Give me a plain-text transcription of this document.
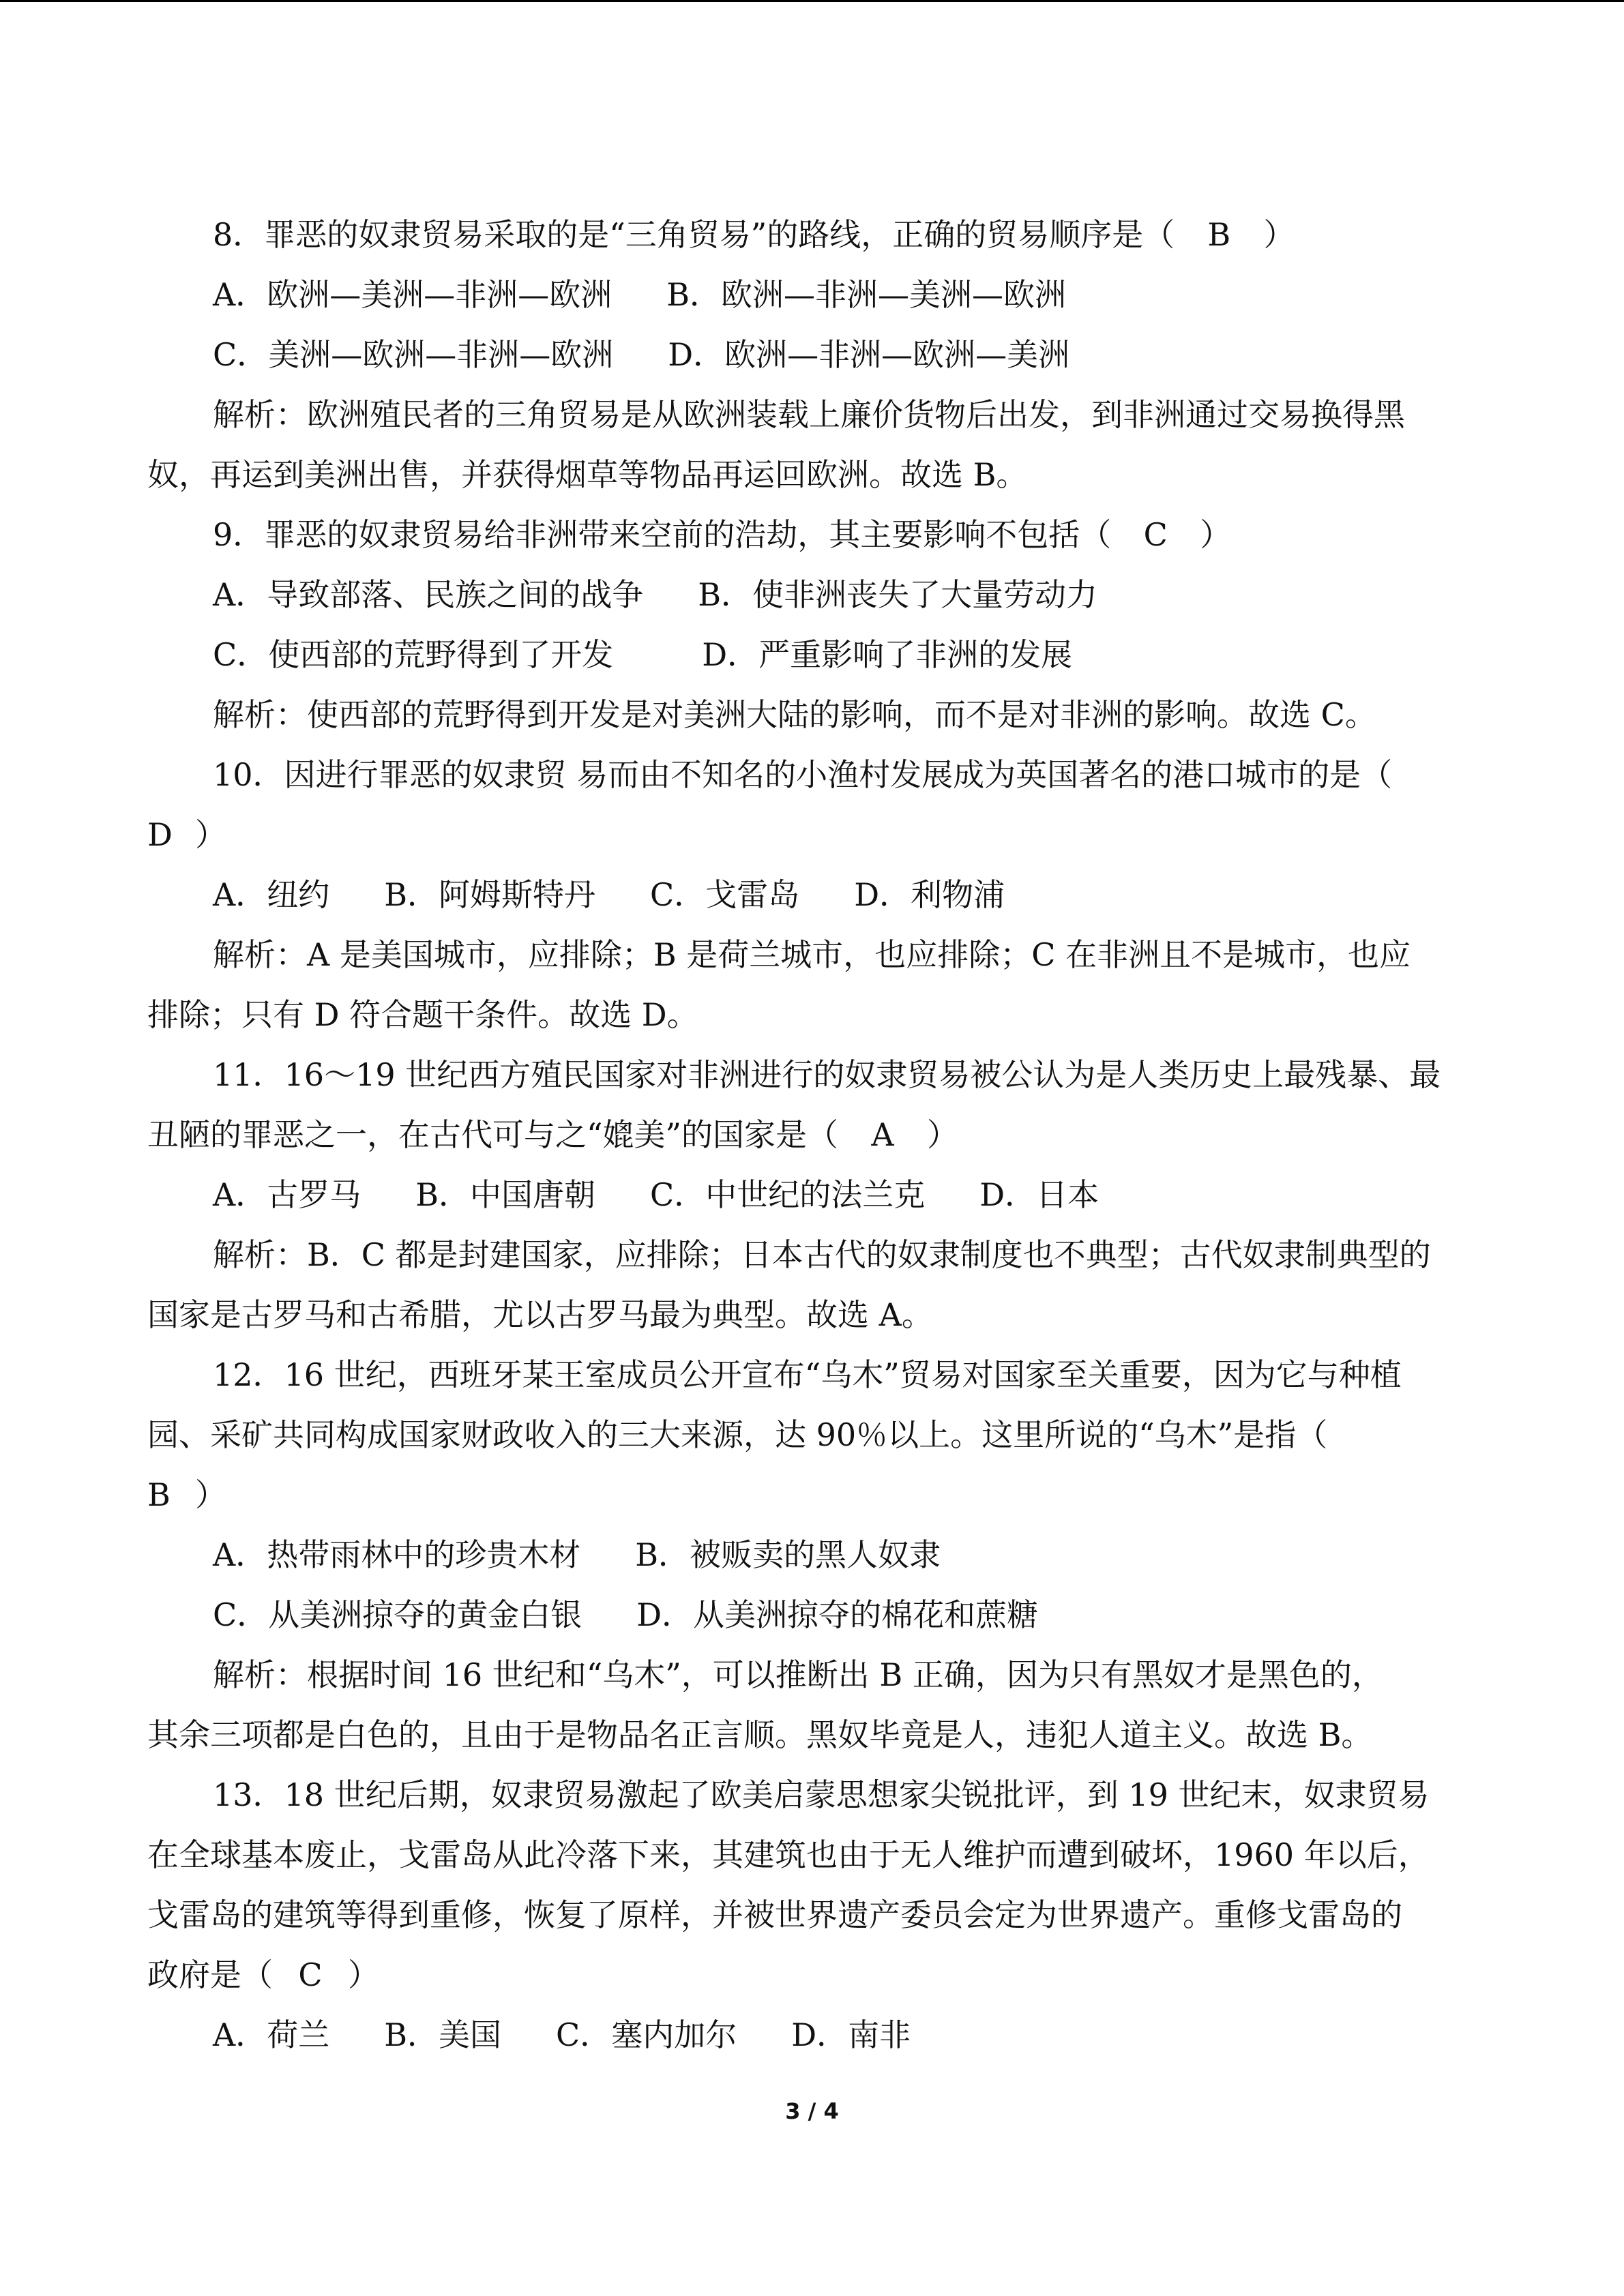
8．罪恶的奴隶贸易采取的是“三角贸易”的路线，正确的贸易顺序是（ B ）
A．欧洲—美洲—非洲—欧洲 B．欧洲—非洲—美洲—欧洲
C．美洲—欧洲—非洲—欧洲 D．欧洲—非洲—欧洲—美洲
解析：欧洲殖民者的三角贸易是从欧洲装载上廉价货物后出发，到非洲通过交易换得黑
奴，再运到美洲出售，并获得烟草等物品再运回欧洲。故选 B。
9．罪恶的奴隶贸易给非洲带来空前的浩劫，其主要影响不包括（ C ）
A．导致部落、民族之间的战争 B．使非洲丧失了大量劳动力
C．使西部的荒野得到了开发	D．严重影响了非洲的发展
解析：使西部的荒野得到开发是对美洲大陆的影响，而不是对非洲的影响。故选 C。
10．因进行罪恶的奴隶贸 易而由不知名的小渔村发展成为英国著名的港口城市的是（
D ）
A．纽约 B．阿姆斯特丹 C．戈雷岛 D．利物浦
解析：A 是美国城市，应排除；B 是荷兰城市，也应排除；C 在非洲且不是城市，也应
排除；只有 D 符合题干条件。故选 D。
11．16～19 世纪西方殖民国家对非洲进行的奴隶贸易被公认为是人类历史上最残暴、最
丑陋的罪恶之一，在古代可与之“媲美”的国家是（ A ）
A．古罗马 B．中国唐朝 C．中世纪的法兰克 D．日本
解析：B．C 都是封建国家，应排除；日本古代的奴隶制度也不典型；古代奴隶制典型的
国家是古罗马和古希腊，尤以古罗马最为典型。故选 A。
12．16 世纪，西班牙某王室成员公开宣布“乌木”贸易对国家至关重要，因为它与种植
园、采矿共同构成国家财政收入的三大来源，达 90％以上。这里所说的“乌木”是指（
B ）
A．热带雨林中的珍贵木材 B．被贩卖的黑人奴隶
C．从美洲掠夺的黄金白银 D．从美洲掠夺的棉花和蔗糖
解析：根据时间 16 世纪和“乌木”，可以推断出 B 正确，因为只有黑奴才是黑色的，
其余三项都是白色的，且由于是物品名正言顺。黑奴毕竟是人，违犯人道主义。故选 B。
13．18 世纪后期，奴隶贸易激起了欧美启蒙思想家尖锐批评，到 19 世纪末，奴隶贸易
在全球基本废止，戈雷岛从此冷落下来，其建筑也由于无人维护而遭到破坏，1960 年以后，
戈雷岛的建筑等得到重修，恢复了原样，并被世界遗产委员会定为世界遗产。重修戈雷岛的
政府是（ C ）
A．荷兰 B．美国 C．塞内加尔 D．南非
3 / 4
